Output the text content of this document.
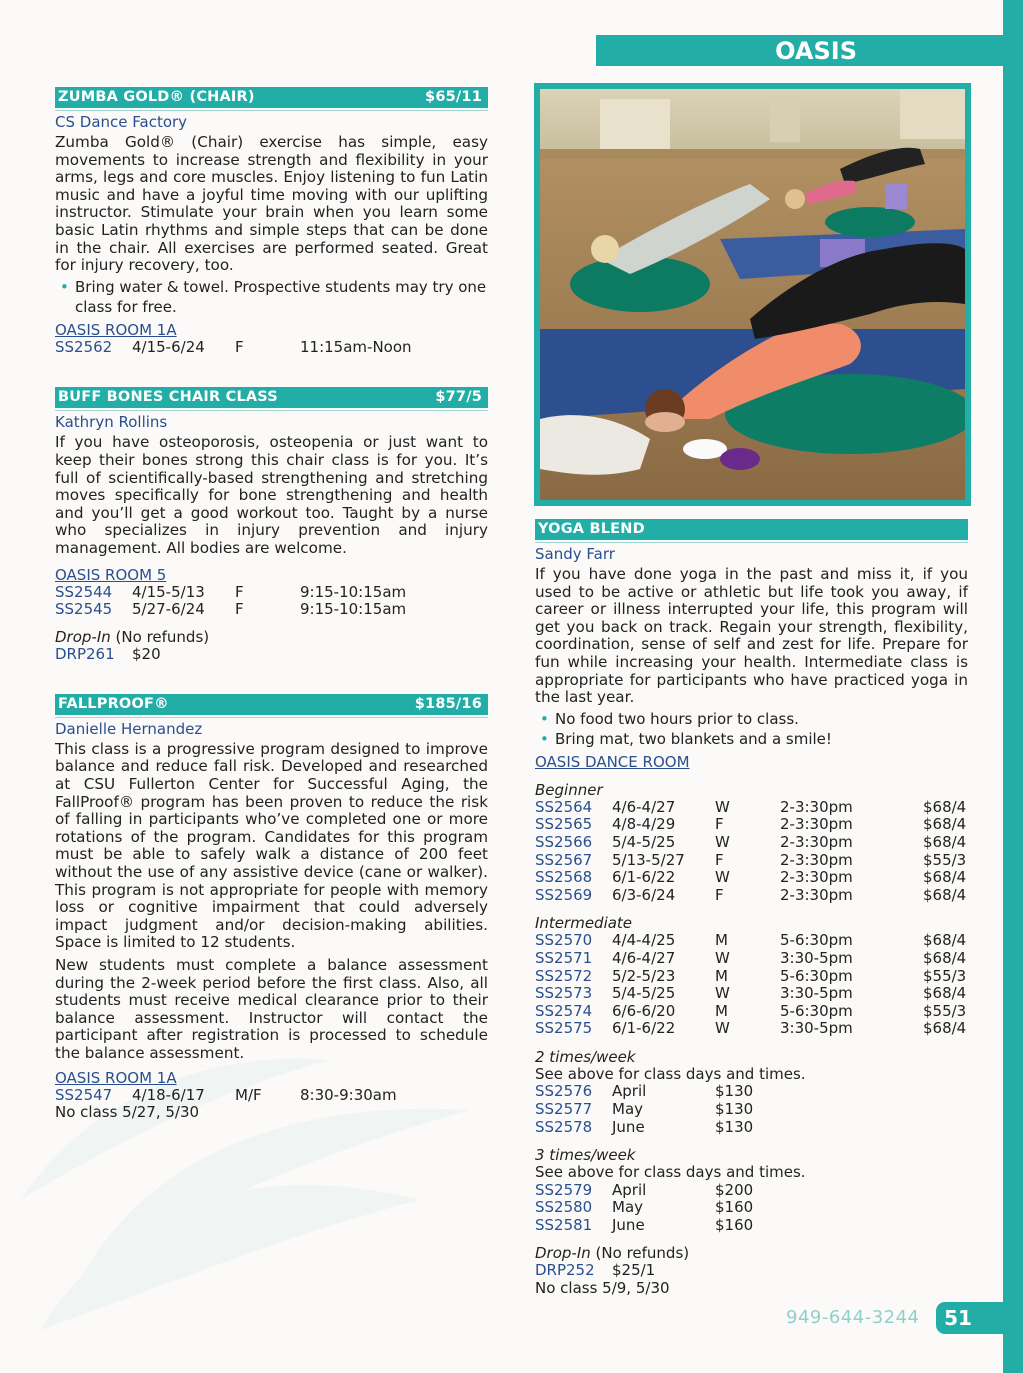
OASIS
ZUMBA GOLD® (CHAIR)	$65/11
CS Dance Factory
Zumba Gold® (Chair) exercise has simple, easy movements to increase strength and flexibility in your arms, legs and core muscles. Enjoy listening to fun Latin music and have a joyful time moving with our uplifting instructor. Stimulate your brain when you learn some basic Latin rhythms and simple steps that can be done in the chair. All exercises are performed seated. Great for injury recovery, too.
• Bring water & towel. Prospective students may try one class for free.
OASIS ROOM 1A
SS2562 4/15-6/24 F	11:15am-Noon
BUFF BONES CHAIR CLASS	$77/5
Kathryn Rollins
If you have osteoporosis, osteopenia or just want to keep their bones strong this chair class is for you. It’s full of scientifically-based strengthening and stretching moves specifically for bone strengthening and health and you’ll get a good workout too. Taught by a nurse who specializes in injury prevention and injury management. All bodies are welcome.
OASIS ROOM 5
SS2544 4/15-5/13 F	9:15-10:15am
SS2545 5/27-6/24 F	9:15-10:15am
Drop-In (No refunds)
DRP261 $20
FALLPROOF®	$185/16
Danielle Hernandez
This class is a progressive program designed to improve balance and reduce fall risk. Developed and researched at CSU Fullerton Center for Successful Aging, the FallProof® program has been proven to reduce the risk of falling in participants who’ve completed one or more rotations of the program. Candidates for this program must be able to safely walk a distance of 200 feet without the use of any assistive device (cane or walker). This program is not appropriate for people with memory loss or cognitive impairment that could adversely impact judgment and/or decision-making abilities. Space is limited to 12 students.
New students must complete a balance assessment during the 2-week period before the first class. Also, all students must receive medical clearance prior to their balance assessment. Instructor will contact the participant after registration is processed to schedule the balance assessment.
OASIS ROOM 1A
SS2547 4/18-6/17 M/F	8:30-9:30am
No class 5/27, 5/30
YOGA BLEND
Sandy Farr
If you have done yoga in the past and miss it, if you used to be active or athletic but life took you away, if career or illness interrupted your life, this program will get you back on track. Regain your strength, flexibility, coordination, sense of self and zest for life. Prepare for fun while increasing your health. Intermediate class is appropriate for participants who have practiced yoga in the last year.
• No food two hours prior to class.
• Bring mat, two blankets and a smile!
OASIS DANCE ROOM
Beginner
SS2564 4/6-4/27	W	2-3:30pm	$68/4
SS2565 4/8-4/29	F	2-3:30pm	$68/4
SS2566 5/4-5/25	W	2-3:30pm	$68/4
SS2567 5/13-5/27 F	2-3:30pm	$55/3
SS2568 6/1-6/22	W	2-3:30pm	$68/4
SS2569 6/3-6/24	F	2-3:30pm	$68/4
Intermediate
SS2570 4/4-4/25	M	5-6:30pm	$68/4
SS2571 4/6-4/27	W	3:30-5pm	$68/4
SS2572 5/2-5/23	M	5-6:30pm	$55/3
SS2573 5/4-5/25	W	3:30-5pm	$68/4
SS2574 6/6-6/20	M	5-6:30pm	$55/3
SS2575 6/1-6/22	W	3:30-5pm	$68/4
2 times/week
See above for class days and times.
SS2576 April	$130
SS2577 May	$130
SS2578 June	$130
3 times/week
See above for class days and times.
SS2579 April	$200
SS2580 May	$160
SS2581 June	$160
Drop-In (No refunds)
DRP252 $25/1
No class 5/9, 5/30
949-644-3244	51
